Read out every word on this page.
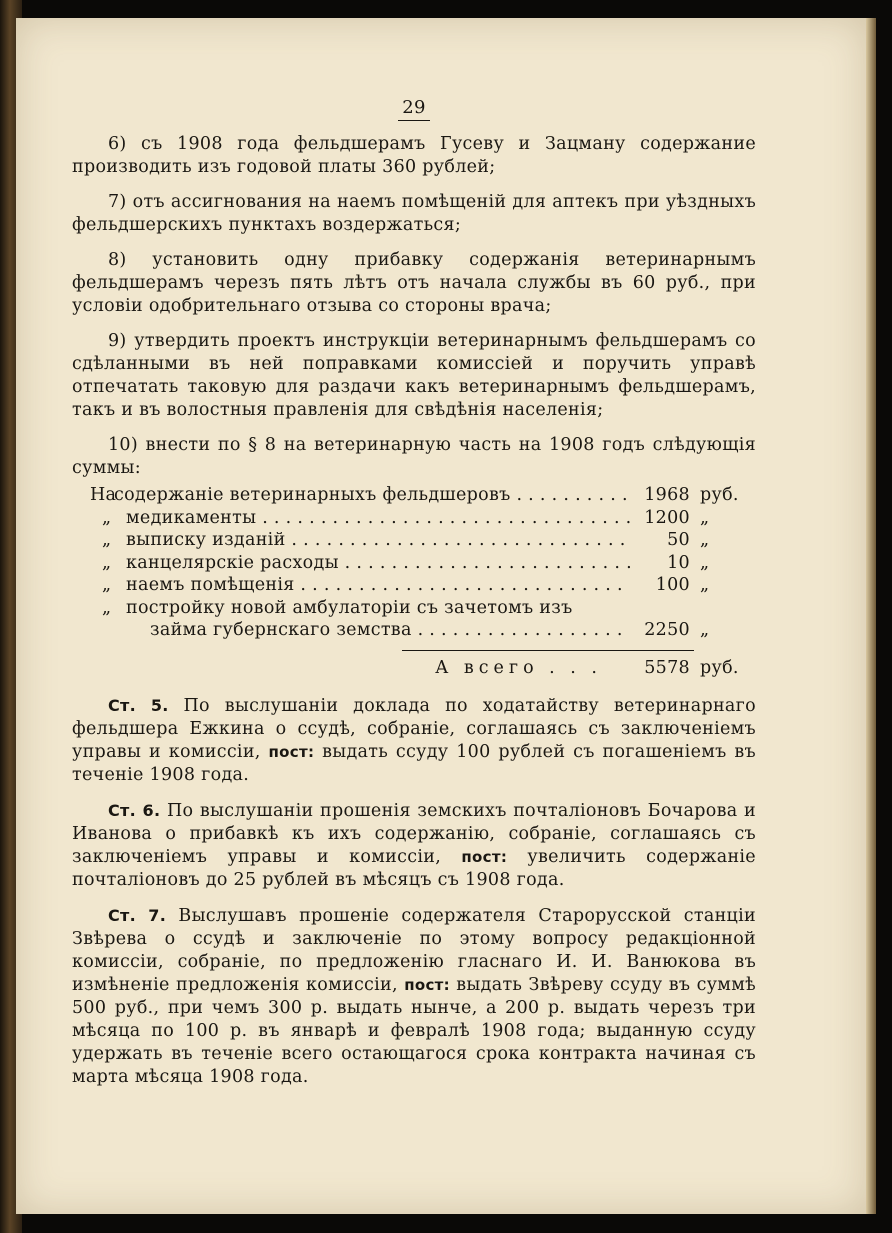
29

6) съ 1908 года фельдшерамъ Гусеву и Зацману содержание производить изъ годовой платы 360 рублей;

7) отъ ассигнования на наемъ помѣщеній для аптекъ при уѣздныхъ фельдшерскихъ пунктахъ воздержаться;

8) установить одну прибавку содержанія ветеринарнымъ фельдшерамъ черезъ пять лѣтъ отъ начала службы въ 60 руб., при условіи одобрительнаго отзыва со стороны врача;

9) утвердить проектъ инструкціи ветеринарнымъ фельдшерамъ со сдѣланными въ ней поправками комиссіей и поручить управѣ отпечатать таковую для раздачи какъ ветеринарнымъ фельдшерамъ, такъ и въ волостныя правленія для свѣдѣнія населенія;

10) внести по § 8 на ветеринарную часть на 1908 годъ слѣдующія суммы:

На
содержаніе ветеринарныхъ фельдшеровъ . . .	1968 руб.
„ медикаменты . . .	1200 „
„ выписку изданій . . .	50 „
„ канцелярскіе расходы . . .	10 „
„ наемъ помѣщенія . . .	100 „
„ постройку новой амбулаторіи съ зачетомъ изъ
займа губернскаго земства . . .	2250 „
А всего . . .	5578 руб.

Ст. 5. По выслушаніи доклада по ходатайству ветеринарнаго фельдшера Ежкина о ссудѣ, собраніе, соглашаясь съ заключеніемъ управы и комиссіи, пост: выдать ссуду 100 рублей съ погашеніемъ въ теченіе 1908 года.

Ст. 6. По выслушаніи прошенія земскихъ почталіоновъ Бочарова и Иванова о прибавкѣ къ ихъ содержанію, собраніе, соглашаясь съ заключеніемъ управы и комиссіи, пост: увеличить содержаніе почталіоновъ до 25 рублей въ мѣсяцъ съ 1908 года.

Ст. 7. Выслушавъ прошеніе содержателя Старорусской станціи Звѣрева о ссудѣ и заключеніе по этому вопросу редакціонной комиссіи, собраніе, по предложенію гласнаго И. И. Ванюкова въ измѣненіе предложенія комиссіи, пост: выдать Звѣреву ссуду въ суммѣ 500 руб., при чемъ 300 р. выдать нынче, а 200 р. выдать черезъ три мѣсяца по 100 р. въ январѣ и февралѣ 1908 года; выданную ссуду удержать въ теченіе всего остающагося срока контракта начиная съ марта мѣсяца 1908 года.
